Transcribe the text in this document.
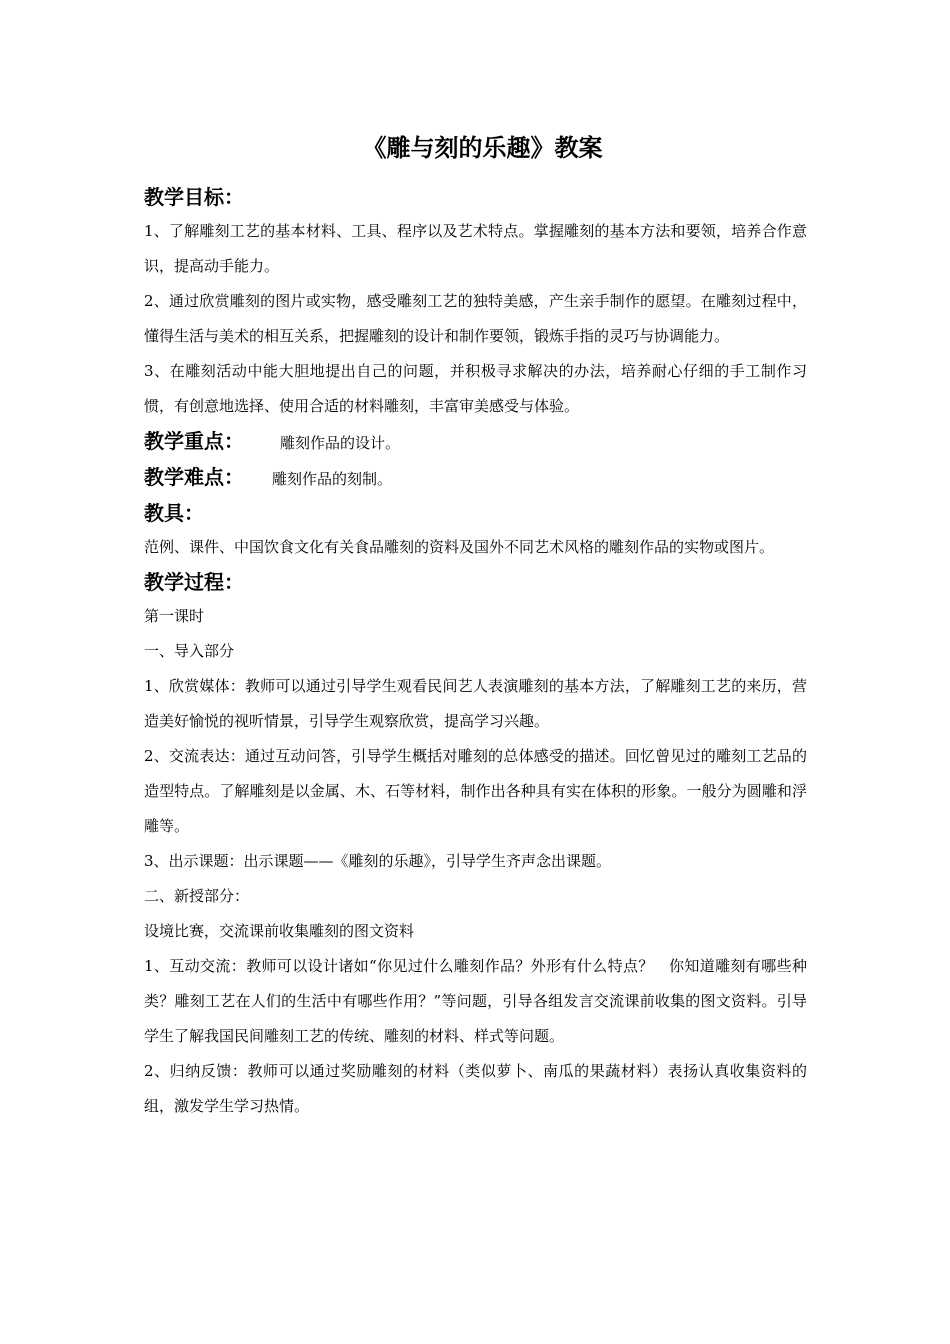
《雕与刻的乐趣》教案
教学目标：

1、了解雕刻工艺的基本材料、工具、程序以及艺术特点。掌握雕刻的基本方法和要领，培养合作意识，提高动手能力。

2、通过欣赏雕刻的图片或实物，感受雕刻工艺的独特美感，产生亲手制作的愿望。在雕刻过程中，懂得生活与美术的相互关系，把握雕刻的设计和制作要领，锻炼手指的灵巧与协调能力。

3、在雕刻活动中能大胆地提出自己的问题，并积极寻求解决的办法，培养耐心仔细的手工制作习惯，有创意地选择、使用合适的材料雕刻，丰富审美感受与体验。

教学重点： 雕刻作品的设计。
教学难点： 雕刻作品的刻制。
教具：

范例、课件、中国饮食文化有关食品雕刻的资料及国外不同艺术风格的雕刻作品的实物或图片。

教学过程：

第一课时

一、导入部分

1、欣赏媒体：教师可以通过引导学生观看民间艺人表演雕刻的基本方法，了解雕刻工艺的来历，营造美好愉悦的视听情景，引导学生观察欣赏，提高学习兴趣。

2、交流表达：通过互动问答，引导学生概括对雕刻的总体感受的描述。回忆曾见过的雕刻工艺品的造型特点。了解雕刻是以金属、木、石等材料，制作出各种具有实在体积的形象。一般分为圆雕和浮雕等。

3、出示课题：出示课题——《雕刻的乐趣》，引导学生齐声念出课题。

二、新授部分：

设境比赛，交流课前收集雕刻的图文资料

1、互动交流：教师可以设计诸如“你见过什么雕刻作品？外形有什么特点？　你知道雕刻有哪些种类？雕刻工艺在人们的生活中有哪些作用？”等问题，引导各组发言交流课前收集的图文资料。引导学生了解我国民间雕刻工艺的传统、雕刻的材料、样式等问题。

2、归纳反馈：教师可以通过奖励雕刻的材料（类似萝卜、南瓜的果蔬材料）表扬认真收集资料的组，激发学生学习热情。
